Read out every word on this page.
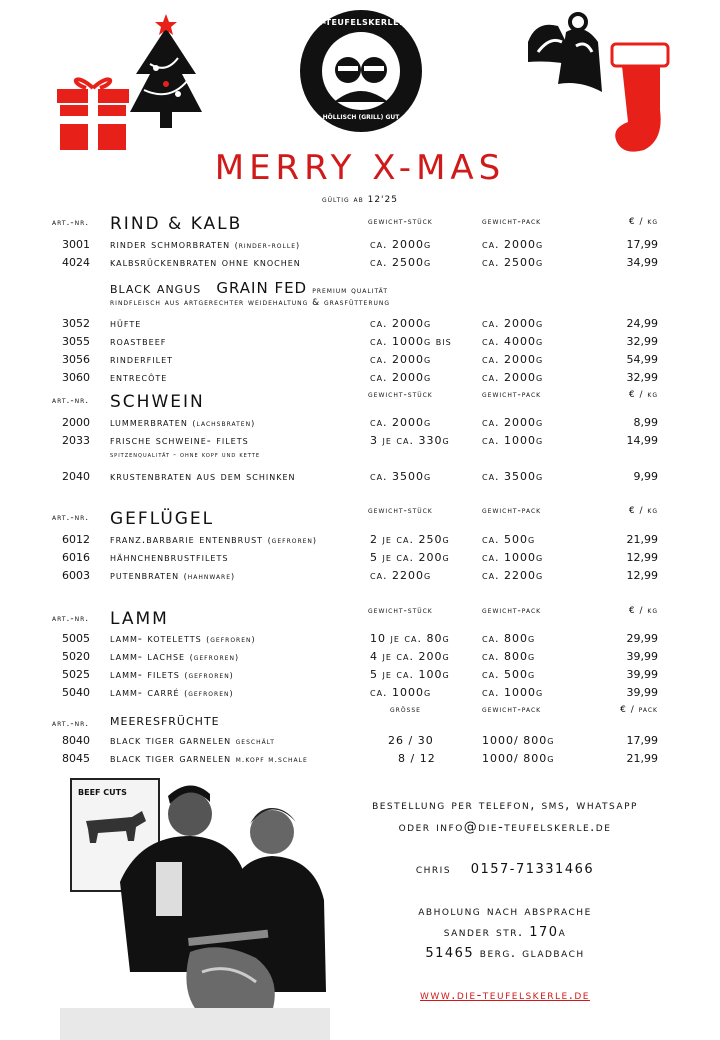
DIE-TEUFELSKERLE.DE
HÖLLISCH (GRILL) GUT
MERRY X-MAS
gültig ab 12'25
art.-nr. RIND & KALB	gewicht-stück	gewicht-pack	€ / kg
3001 rinder schmorbraten (rinder-rolle)	ca. 2000g	ca. 2000g	17,99
4024 kalbsrückenbraten ohne knochen	ca. 2500g	ca. 2500g	34,99
black angus GRAIN FED premium qualität
rindfleisch aus artgerechter weidehaltung & grasfütterung
3052 hüfte	ca. 2000g	ca. 2000g	24,99
3055 roastbeef	ca. 1000g bis	ca. 4000g	32,99
3056 rinderfilet	ca. 2000g	ca. 2000g	54,99
3060 entrecôte	ca. 2000g	ca. 2000g	32,99
art.-nr. SCHWEIN	gewicht-stück	gewicht-pack	€ / kg
2000 lummerbraten (lachsbraten)	ca. 2000g	ca. 2000g	8,99
2033 frische schweine- filets	3 je ca. 330g	ca. 1000g	14,99
spitzenqualität - ohne kopf und kette
2040 krustenbraten aus dem schinken	ca. 3500g	ca. 3500g	9,99
art.-nr. GEFLÜGEL	gewicht-stück	gewicht-pack	€ / kg
6012 franz.barbarie entenbrust (gefroren)	2 je ca. 250g	ca. 500g	21,99
6016 hähnchenbrustfilets	5 je ca. 200g	ca. 1000g	12,99
6003 putenbraten (hahnware)	ca. 2200g	ca. 2200g	12,99
art.-nr. LAMM	gewicht-stück	gewicht-pack	€ / kg
5005 lamm- koteletts (gefroren)	10 je ca. 80g	ca. 800g	29,99
5020 lamm- lachse (gefroren)	4 je ca. 200g	ca. 800g	39,99
5025 lamm- filets (gefroren)	5 je ca. 100g	ca. 500g	39,99
5040 lamm- carré (gefroren)	ca. 1000g	ca. 1000g	39,99
art.-nr. meeresfrüchte
grösse	gewicht-pack	€ / pack
8040 black tiger garnelen geschält	26 / 30	1000/ 800g	17,99
8045 black tiger garnelen m.kopf m.schale	8 / 12	1000/ 800g	21,99
BEEF CUTS
bestellung per telefon, sms, whatsapp
oder info@die-teufelskerle.de
chris 0157-71331466
abholung nach absprache
sander str. 170a
51465 berg. gladbach
www.die-teufelskerle.de
